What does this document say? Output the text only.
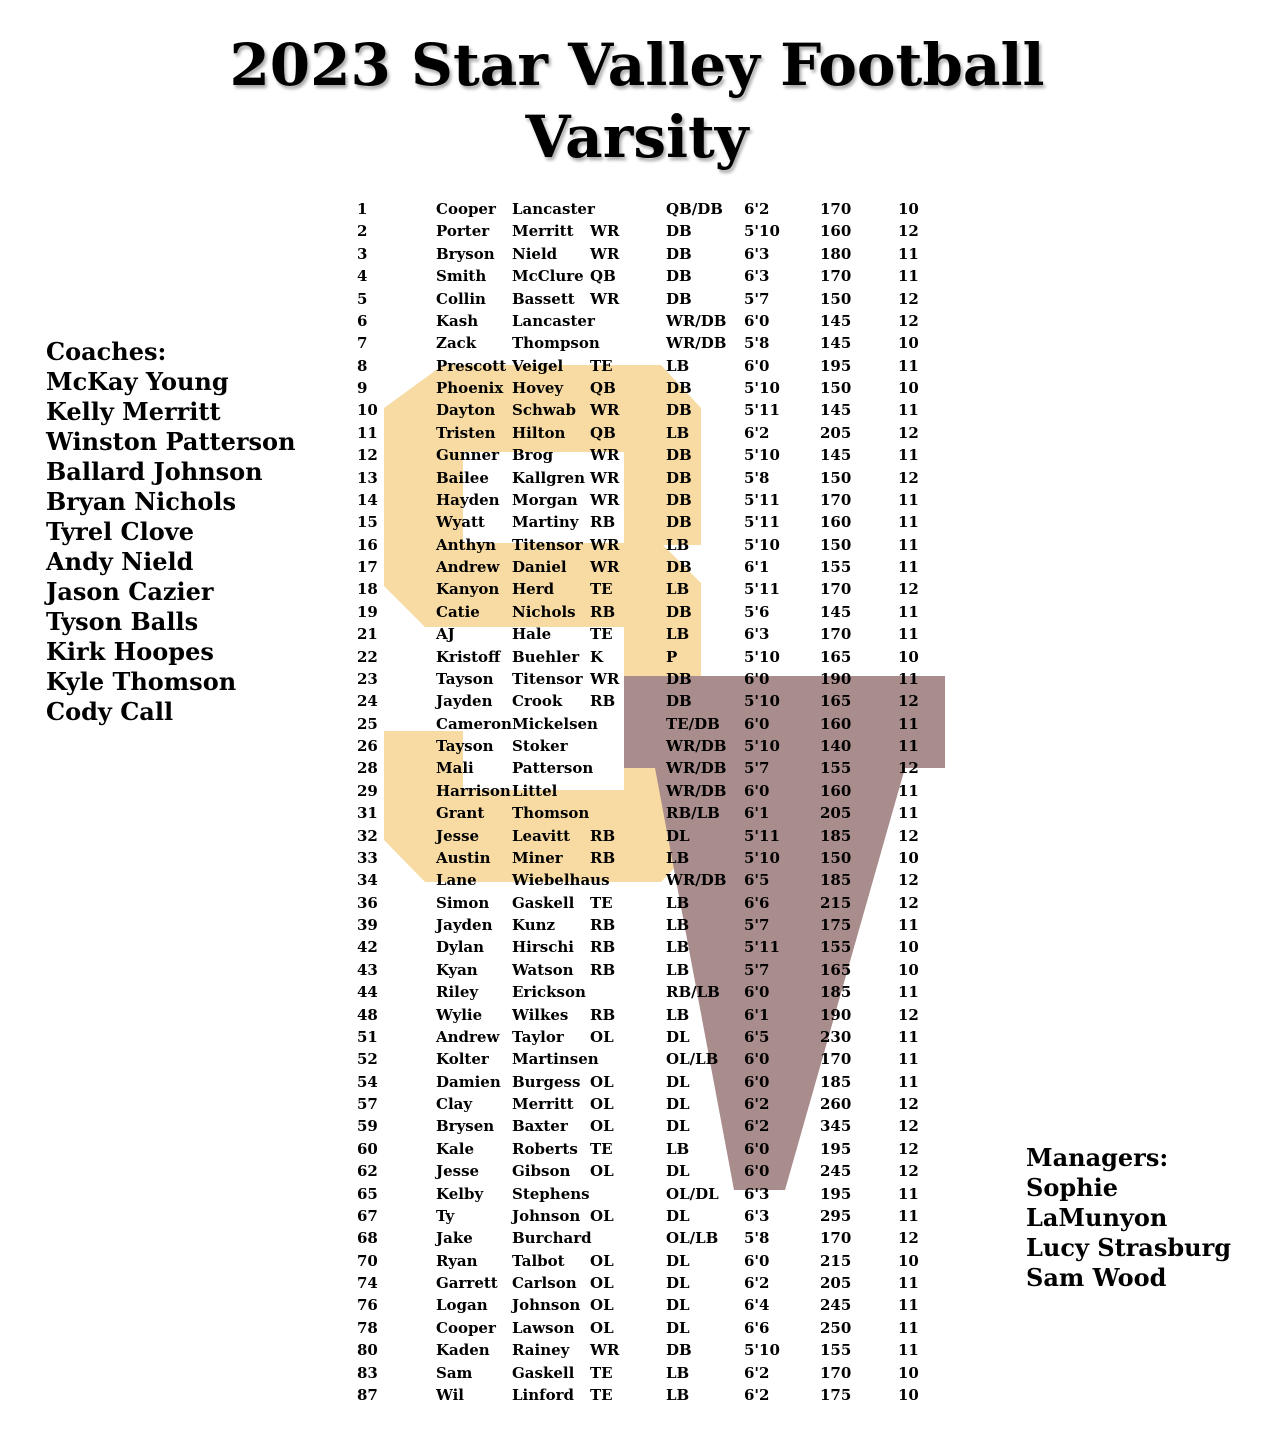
2023 Star Valley Football
Varsity
Coaches:
McKay Young
Kelly Merritt
Winston Patterson
Ballard Johnson
Bryan Nichols
Tyrel Clove
Andy Nield
Jason Cazier
Tyson Balls
Kirk Hoopes
Kyle Thomson
Cody Call
Managers:
Sophie
LaMunyon
Lucy Strasburg
Sam Wood
1	Cooper Lancaster	QB/DB 6'2	170	10
2	Porter Merritt WR	DB	5'10	160	12
3	Bryson Nield WR	DB	6'3	180	11
4	Smith McClure QB	DB	6'3	170	11
5	Collin Bassett WR	DB	5'7	150	12
6	Kash Lancaster	WR/DB 6'0	145	12
7	Zack Thompson	WR/DB 5'8	145	10
8	Prescott Veigel TE	LB	6'0	195	11
9	Phoenix Hovey QB	DB	5'10	150	10
10	Dayton Schwab WR	DB	5'11	145	11
11	Tristen Hilton QB	LB	6'2	205	12
12	Gunner Brog WR	DB	5'10	145	11
13	Bailee Kallgren WR	DB	5'8	150	12
14	Hayden Morgan WR	DB	5'11	170	11
15	Wyatt Martiny RB	DB	5'11	160	11
16	Anthyn Titensor WR	LB	5'10	150	11
17	Andrew Daniel WR	DB	6'1	155	11
18	Kanyon Herd TE	LB	5'11	170	12
19	Catie Nichols RB	DB	5'6	145	11
21	AJ	Hale	TE	LB	6'3	170	11
22	Kristoff Buehler K	P	5'10	165	10
23	Tayson Titensor WR	DB	6'0	190	11
24	Jayden Crook RB	DB	5'10	165	12
25	Cameron Mickelsen	TE/DB 6'0	160	11
26	Tayson Stoker	WR/DB 5'10	140	11
28	Mali	Patterson	WR/DB 5'7	155	12
29	Harrison Littel	WR/DB 6'0	160	11
31	Grant Thomson	RB/LB 6'1	205	11
32	Jesse Leavitt RB	DL	5'11	185	12
33	Austin Miner RB	LB	5'10	150	10
34	Lane Wiebelhaus	WR/DB 6'5	185	12
36	Simon Gaskell TE	LB	6'6	215	12
39	Jayden Kunz RB	LB	5'7	175	11
42	Dylan Hirschi RB	LB	5'11	155	10
43	Kyan Watson RB	LB	5'7	165	10
44	Riley Erickson	RB/LB 6'0	185	11
48	Wylie Wilkes RB	LB	6'1	190	12
51	Andrew Taylor OL	DL	6'5	230	11
52	Kolter Martinsen	OL/LB 6'0	170	11
54	Damien Burgess OL	DL	6'0	185	11
57	Clay	Merritt OL	DL	6'2	260	12
59	Brysen Baxter OL	DL	6'2	345	12
60	Kale	Roberts TE	LB	6'0	195	12
62	Jesse Gibson OL	DL	6'0	245	12
65	Kelby Stephens	OL/DL 6'3	195	11
67	Ty	Johnson OL	DL	6'3	295	11
68	Jake	Burchard	OL/LB 5'8	170	12
70	Ryan Talbot OL	DL	6'0	215	10
74	Garrett Carlson OL	DL	6'2	205	11
76	Logan Johnson OL	DL	6'4	245	11
78	Cooper Lawson OL	DL	6'6	250	11
80	Kaden Rainey WR	DB	5'10	155	11
83	Sam	Gaskell TE	LB	6'2	170	10
87	Wil	Linford TE	LB	6'2	175	10
